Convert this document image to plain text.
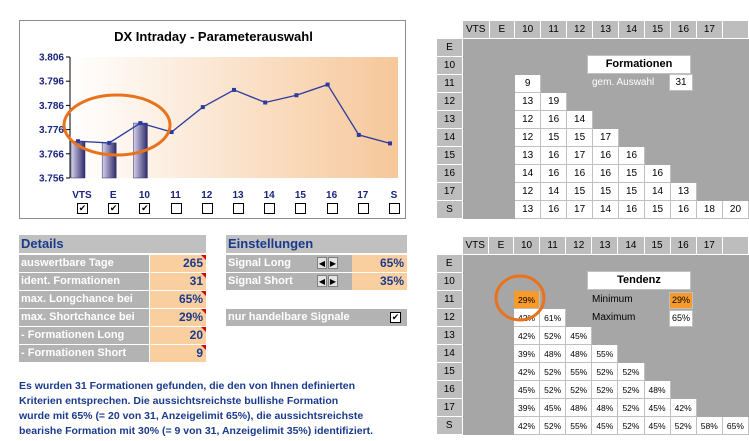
DX Intraday - Parameterauswahl
3.756
3.766
3.776
3.786
3.796
3.806
VTS E 10 11 12 13 14 15 16 17 S
✔	✔	✔
	VTS	E	10	11	12	13	14	15	16	17	
E											
10											
11			9								
12			13	19							
13			12	16	14						
14			12	15	15	17					
15			13	16	17	16	16				
16			14	16	16	16	15	16			
17			12	14	15	15	15	14	13		
S			13	16	17	14	16	15	16	18	20
Formationen
gem. Auswahl	31
	VTS	E	10	11	12	13	14	15	16	17	
E											
10											
11			29%								
12			42%	61%							
13			42%	52%	45%						
14			39%	48%	48%	55%					
15			42%	52%	55%	52%	52%				
16			45%	52%	52%	52%	52%	48%			
17			39%	45%	48%	48%	52%	45%	42%		
S			42%	52%	55%	45%	52%	45%	52%	58%	65%
Tendenz
Minimum	29%
Maximum	65%
Details
auswertbare Tage	265
ident. Formationen	31
max. Longchance bei	65%
max. Shortchance bei	29%
- Formationen Long	20
- Formationen Short	9
Einstellungen
Signal Long	◀ ▶	65%
Signal Short	◀ ▶	35%
nur handelbare Signale	✔
Es wurden 31 Formationen gefunden, die den von Ihnen definierten
Kriterien entsprechen. Die aussichtsreichste bullishe Formation
wurde mit 65% (= 20 von 31, Anzeigelimit 65%), die aussichtsreichste
bearishe Formation mit 30% (= 9 von 31, Anzeigelimit 35%) identifiziert.
